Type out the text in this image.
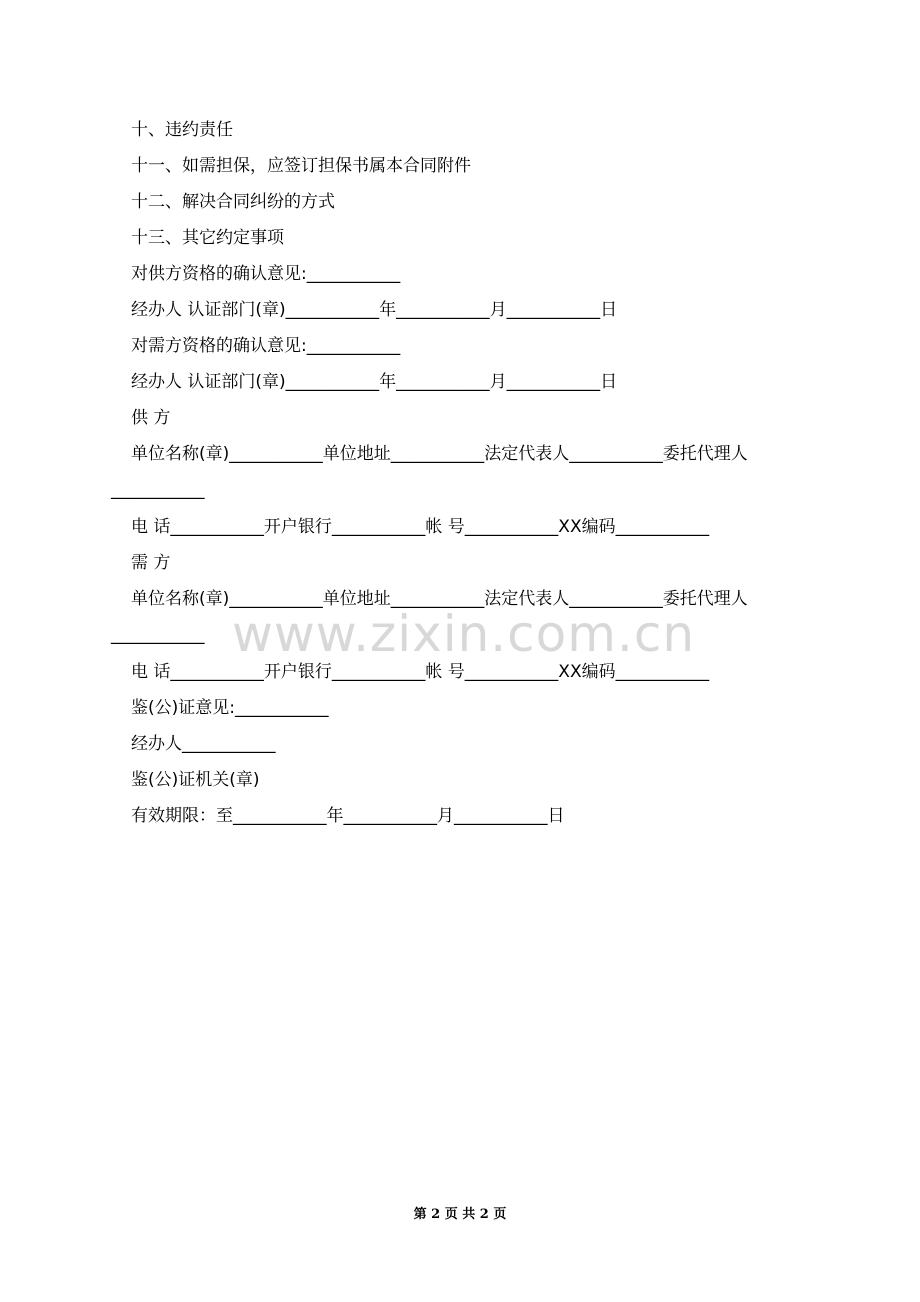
十、违约责任
十一、如需担保，应签订担保书属本合同附件
十二、解决合同纠纷的方式
十三、其它约定事项
对供方资格的确认意见:___________
经办人 认证部门(章)___________年___________月___________日
对需方资格的确认意见:___________
经办人 认证部门(章)___________年___________月___________日
供 方
单位名称(章)___________单位地址___________法定代表人___________委托代理人
___________
电 话___________开户银行___________帐 号___________XX编码___________
需 方
单位名称(章)___________单位地址___________法定代表人___________委托代理人
___________
电 话___________开户银行___________帐 号___________XX编码___________
鉴(公)证意见:___________
经办人___________
鉴(公)证机关(章)
有效期限：至___________年___________月___________日
www.zixin.com.cn
第 2 页 共 2 页
